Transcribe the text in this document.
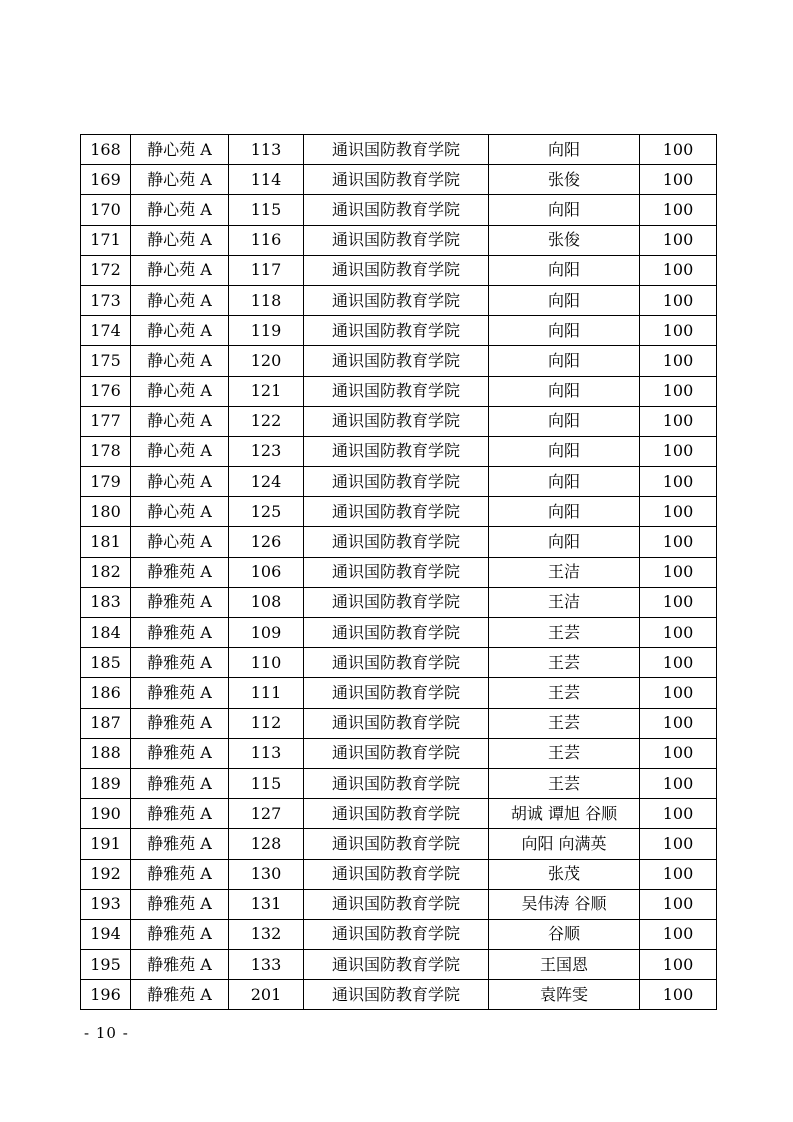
168	静心苑 A	113	通识国防教育学院	向阳	100
169	静心苑 A	114	通识国防教育学院	张俊	100
170	静心苑 A	115	通识国防教育学院	向阳	100
171	静心苑 A	116	通识国防教育学院	张俊	100
172	静心苑 A	117	通识国防教育学院	向阳	100
173	静心苑 A	118	通识国防教育学院	向阳	100
174	静心苑 A	119	通识国防教育学院	向阳	100
175	静心苑 A	120	通识国防教育学院	向阳	100
176	静心苑 A	121	通识国防教育学院	向阳	100
177	静心苑 A	122	通识国防教育学院	向阳	100
178	静心苑 A	123	通识国防教育学院	向阳	100
179	静心苑 A	124	通识国防教育学院	向阳	100
180	静心苑 A	125	通识国防教育学院	向阳	100
181	静心苑 A	126	通识国防教育学院	向阳	100
182	静雅苑 A	106	通识国防教育学院	王洁	100
183	静雅苑 A	108	通识国防教育学院	王洁	100
184	静雅苑 A	109	通识国防教育学院	王芸	100
185	静雅苑 A	110	通识国防教育学院	王芸	100
186	静雅苑 A	111	通识国防教育学院	王芸	100
187	静雅苑 A	112	通识国防教育学院	王芸	100
188	静雅苑 A	113	通识国防教育学院	王芸	100
189	静雅苑 A	115	通识国防教育学院	王芸	100
190	静雅苑 A	127	通识国防教育学院	胡诚 谭旭 谷顺	100
191	静雅苑 A	128	通识国防教育学院	向阳 向满英	100
192	静雅苑 A	130	通识国防教育学院	张茂	100
193	静雅苑 A	131	通识国防教育学院	吴伟涛 谷顺	100
194	静雅苑 A	132	通识国防教育学院	谷顺	100
195	静雅苑 A	133	通识国防教育学院	王国恩	100
196	静雅苑 A	201	通识国防教育学院	袁阵雯	100
- 10 -
